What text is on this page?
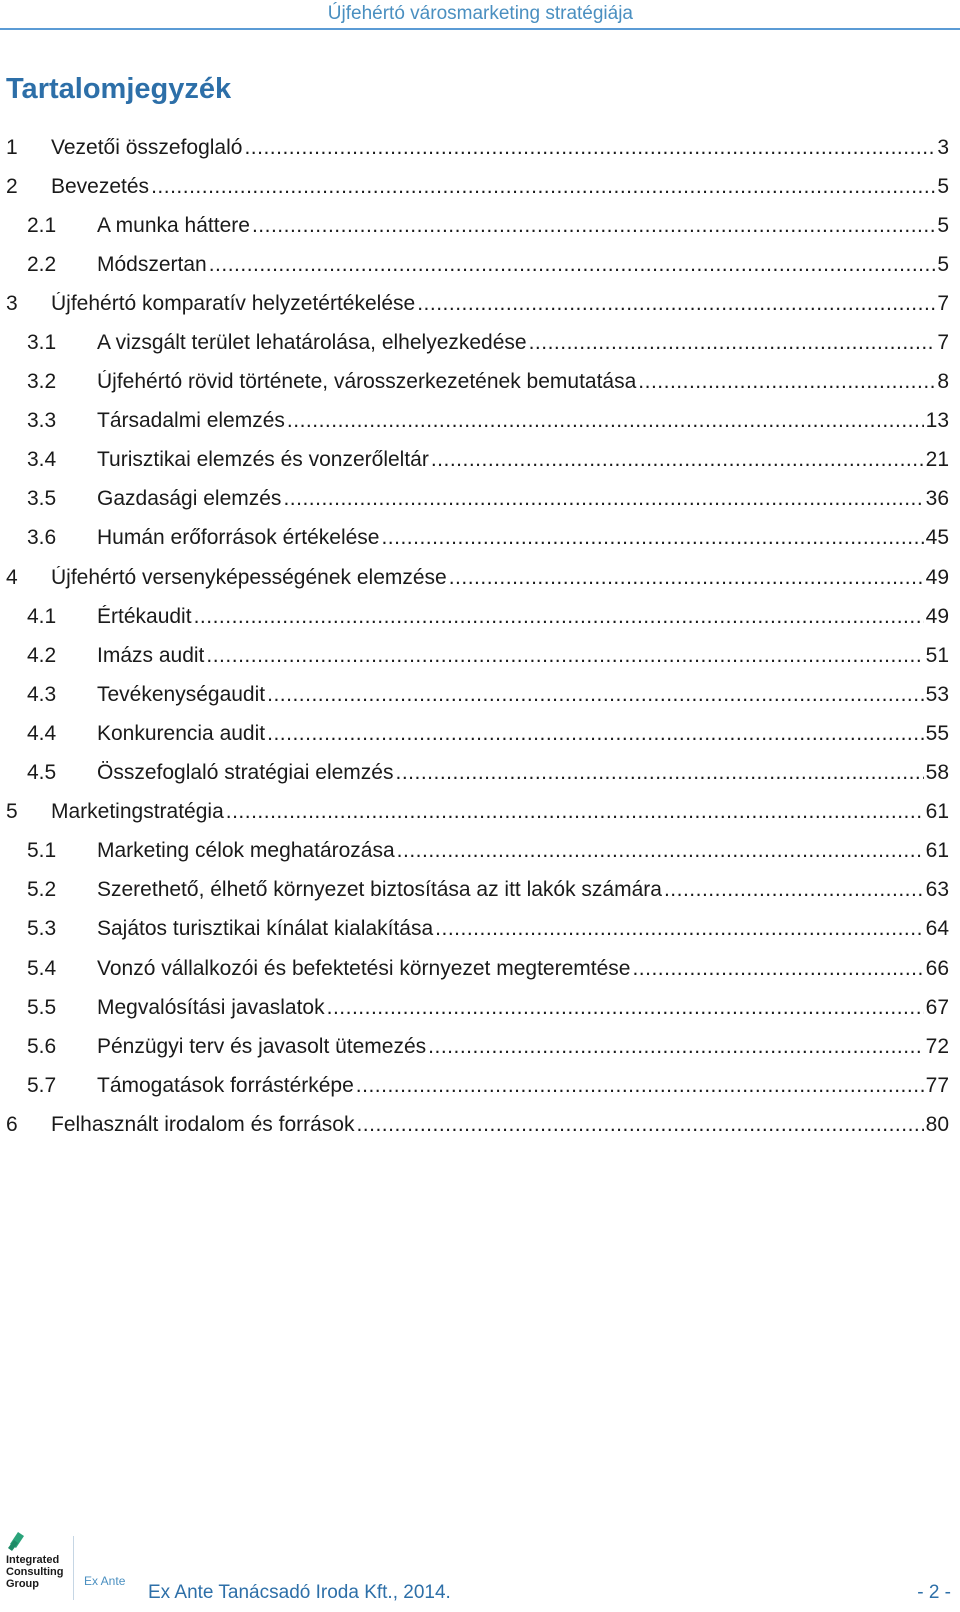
Újfehértó városmarketing stratégiája
Tartalomjegyzék
1 Vezetői összefoglaló .....	3
2 Bevezetés .....	5
2.1 A munka háttere .....	5
2.2 Módszertan .....	5
3 Újfehértó komparatív helyzetértékelése .....	7
3.1 A vizsgált terület lehatárolása, elhelyezkedése .....	7
3.2 Újfehértó rövid története, városszerkezetének bemutatása .....	8
3.3 Társadalmi elemzés .....	13
3.4 Turisztikai elemzés és vonzerőleltár .....	21
3.5 Gazdasági elemzés .....	36
3.6 Humán erőforrások értékelése .....	45
4 Újfehértó versenyképességének elemzése .....	49
4.1 Értékaudit .....	49
4.2 Imázs audit .....	51
4.3 Tevékenységaudit .....	53
4.4 Konkurencia audit .....	55
4.5 Összefoglaló stratégiai elemzés .....	58
5 Marketingstratégia .....	61
5.1 Marketing célok meghatározása .....	61
5.2 Szerethető, élhető környezet biztosítása az itt lakók számára .....	63
5.3 Sajátos turisztikai kínálat kialakítása .....	64
5.4 Vonzó vállalkozói és befektetési környezet megteremtése .....	66
5.5 Megvalósítási javaslatok .....	67
5.6 Pénzügyi terv és javasolt ütemezés .....	72
5.7 Támogatások forrástérképe .....	77
6 Felhasznált irodalom és források .....	80
Integrated
Consulting
Group	Ex Ante
Ex Ante Tanácsadó Iroda Kft., 2014.	- 2 -
